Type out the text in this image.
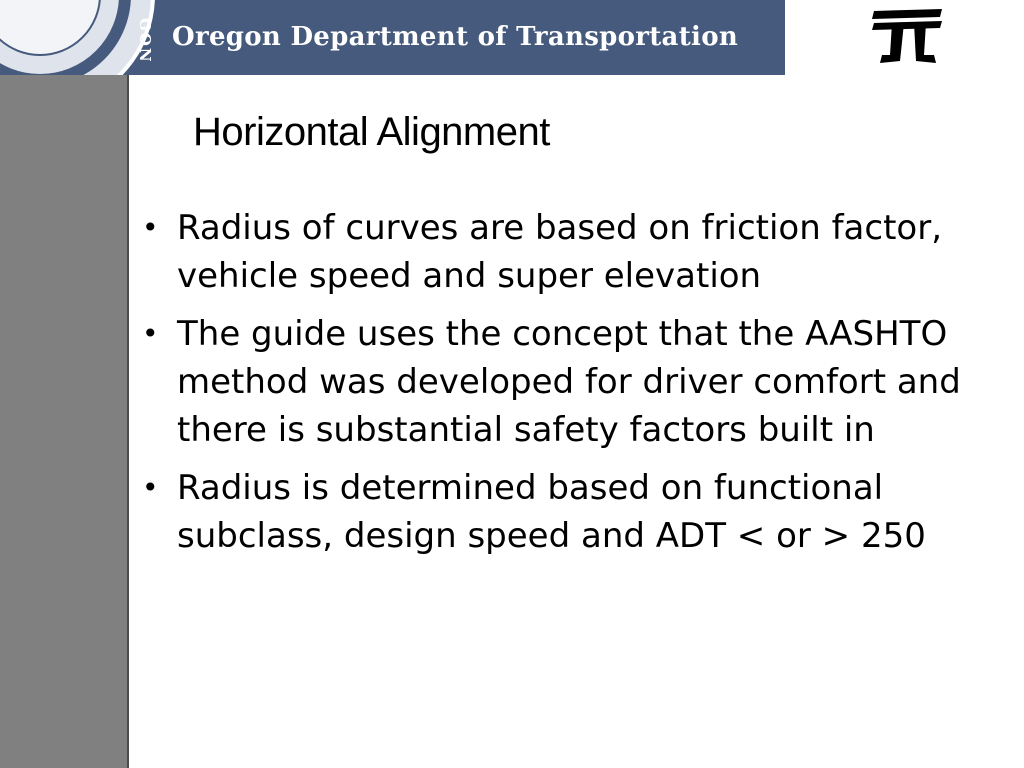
GON Oregon Department of Transportation
Horizontal Alignment
• Radius of curves are based on friction factor, vehicle speed and super elevation
• The guide uses the concept that the AASHTO method was developed for driver comfort and there is substantial safety factors built in
• Radius is determined based on functional subclass, design speed and ADT < or > 250
